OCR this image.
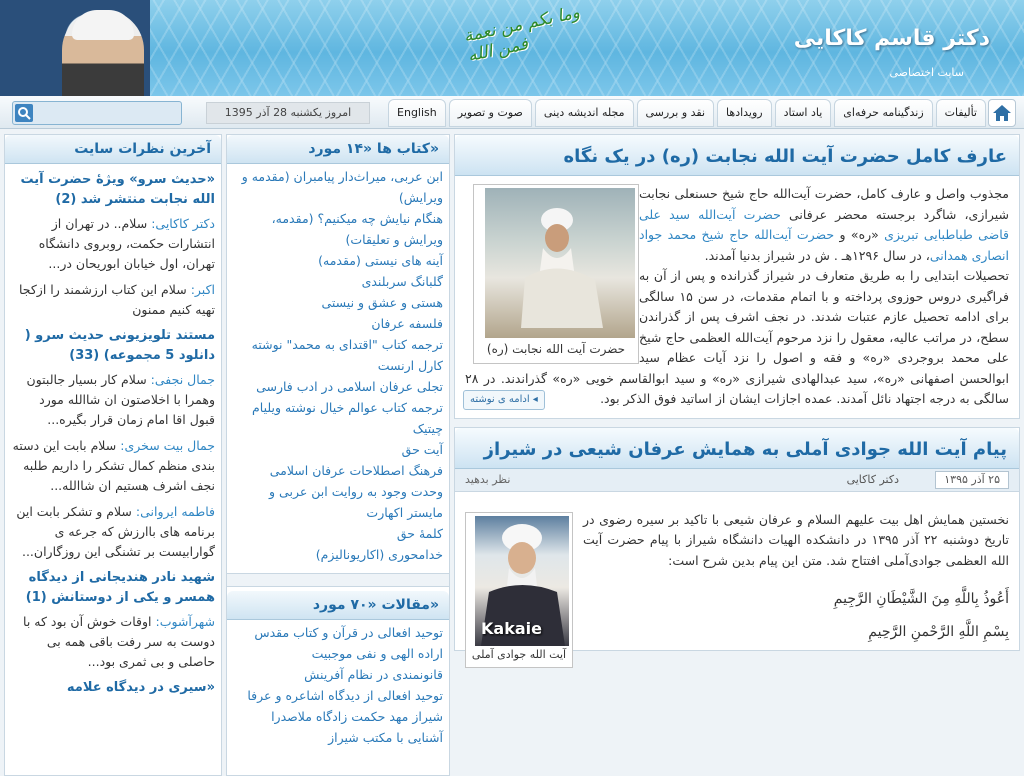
وما بکم من نعمة فمن الله	دکتر قاسم کاکایی
سایت اختصاصی
تألیفات
زندگینامه حرفه‌ای
یاد استاد
رویدادها
نقد و بررسی
مجله اندیشه دینی
صوت و تصویر
English
امروز یکشنبه 28 آذر 1395
آخرین نظرات سایت
«حدیث سرو» ویژهٔ حضرت آیت الله نجابت منتشر شد (2)
دکتر کاکایی: سلام.. در تهران از انتشارات حکمت، روبروی دانشگاه تهران، اول خیابان ابوریحان در...
اکبر: سلام این کتاب ارزشمند را ازکجا تهیه کنیم ممنون
مستند تلویزیونی حدیث سرو ( دانلود 5 مجموعه) (33)
جمال نجفی: سلام کار بسیار جالبتون وهمرا با اخلاصتون ان شاالله مورد قبول اقا امام زمان قرار بگیره...
جمال بیت سخری: سلام بابت این دسته بندی منظم کمال تشکر را داریم طلبه نجف اشرف هستیم ان شاالله...
فاطمه ایروانی: سلام و تشکر بابت این برنامه های باارزش که جرعه ی گوارابیست بر تشنگی این روزگاران...
شهید نادر هندیجانی از دیدگاه همسر و یکی از دوستانش (1)
شهرآشوب: اوقات خوش آن بود که با دوست به سر رفت باقی همه بی حاصلی و بی ثمری بود...
«سیری در دیدگاه علامه
کتاب ها «۱۴ مورد»
ابن عربی، میراث‌دار پیامبران (مقدمه و ویرایش)
هنگام نیایش چه میکنیم؟ (مقدمه، ویرایش و تعلیقات)
آینه های نیستی (مقدمه)
گلبانگ سربلندی
هستی و عشق و نیستی
فلسفه عرفان
ترجمه کتاب "اقتدای به محمد" نوشته کارل ارنست
تجلی عرفان اسلامی در ادب فارسی
ترجمه کتاب عوالم خیال نوشته ویلیام چیتیک
آیت حق
فرهنگ اصطلاحات عرفان اسلامی
وحدت وجود به روایت ابن عربی و مایستر اکهارت
کلمهٔ حق
خدامحوری (اکاریونالیزم)
مقالات «۷۰ مورد»
توحید افعالی در قرآن و کتاب مقدس
اراده الهی و نفی موجبیت
قانونمندی در نظام آفرینش
توحید افعالی از دیدگاه اشاعره و عرفا
شیراز مهد حکمت زادگاه ملاصدرا
آشنایی با مکتب شیراز
عارف کامل حضرت آیت الله نجابت (ره) در یک نگاه
حضرت آیت الله نجابت (ره)
مجذوب واصل و عارف کامل، حضرت آیت‌الله حاج شیخ حسنعلی نجابت شیرازی، شاگرد برجسته محضر عرفانی حضرت آیت‌الله سید علی قاضی طباطبایی تبریزی «ره» و حضرت آیت‌الله حاج شیخ محمد جواد انصاری همدانی، در سال ۱۲۹۶هـ . ش در شیراز بدنیا آمدند.
تحصیلات ابتدایی را به طریق متعارف در شیراز گذرانده و پس از آن به فراگیری دروس حوزوی پرداخته و با اتمام مقدمات، در سن ۱۵ سالگی برای ادامه تحصیل عازم عتبات شدند. در نجف اشرف پس از گذراندن سطح، در مراتب عالیه، معقول را نزد مرحوم آیت‌الله العظمی حاج شیخ علی محمد بروجردی «ره» و فقه و اصول را نزد آیات عظام سید ابوالحسن اصفهانی «ره»، سید عبدالهادی شیرازی «ره» و سید ابوالقاسم خویی «ره» گذراندند. در ۲۸ سالگی به درجه اجتهاد نائل آمدند. عمده اجازات ایشان از اساتید فوق الذکر بود.
◂ ادامه ی نوشته
پیام آیت الله جوادی آملی به همایش عرفان شیعی در شیراز
۲۵ آذر ۱۳۹۵
دکتر کاکایی
نظر بدهید
Kakaie
آیت الله جوادی آملی
نخستین همایش اهل بیت علیهم السلام و عرفان شیعی با تاکید بر سیره رضوی در تاریخ دوشنبه ۲۲ آذر ۱۳۹۵ در دانشکده الهیات دانشگاه شیراز با پیام حضرت آیت الله العظمی جوادی‌آملی افتتاح شد. متن این پیام بدین شرح است:
أَعُوذُ بِاللَّهِ مِنَ الشَّيْطَانِ الرَّجِيمِ
بِسْمِ اللَّهِ الرَّحْمنِ الرَّحِيمِ
